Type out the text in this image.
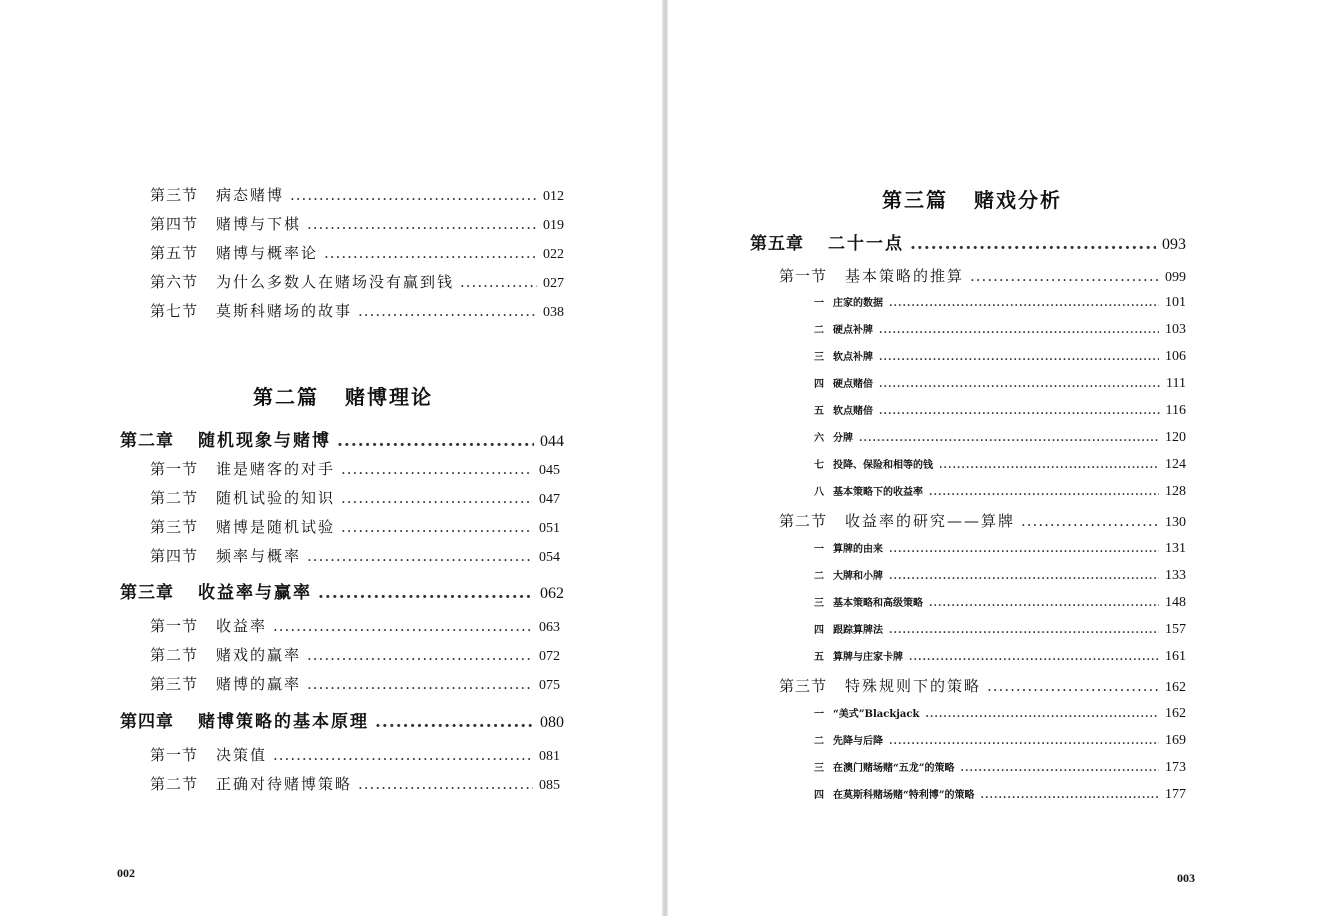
第三节	病态赌博 .....	012
第四节	赌博与下棋 .....	019
第五节	赌博与概率论 .....	022
第六节	为什么多数人在赌场没有赢到钱 .....	027
第七节	莫斯科赌场的故事 .....	038
第二篇 赌博理论
第二章	随机现象与赌博 .....	044
第一节	谁是赌客的对手 .....	045
第二节	随机试验的知识 .....	047
第三节	赌博是随机试验 .....	051
第四节	频率与概率 .....	054
第三章	收益率与赢率 .....	062
第一节	收益率 .....	063
第二节	赌戏的赢率 .....	072
第三节	赌博的赢率 .....	075
第四章	赌博策略的基本原理 .....	080
第一节	决策值 .....	081
第二节	正确对待赌博策略 .....	085
002
第三篇 赌戏分析
第五章	二十一点 .....	093
第一节	基本策略的推算 .....	099
一 庄家的数据 .....	101
二 硬点补牌 .....	103
三 软点补牌 .....	106
四 硬点赌倍 .....	111
五 软点赌倍 .....	116
六 分牌 .....	120
七 投降、保险和相等的钱 .....	124
八 基本策略下的收益率 .....	128
第二节	收益率的研究——算牌 .....	130
一 算牌的由来 .....	131
二 大牌和小牌 .....	133
三 基本策略和高级策略 .....	148
四 跟踪算牌法 .....	157
五 算牌与庄家卡牌 .....	161
第三节	特殊规则下的策略 .....	162
一 “美式”Blackjack .....	162
二 先降与后降 .....	169
三 在澳门赌场赌“五龙”的策略 .....	173
四 在莫斯科赌场赌“特利博”的策略 .....	177
003
